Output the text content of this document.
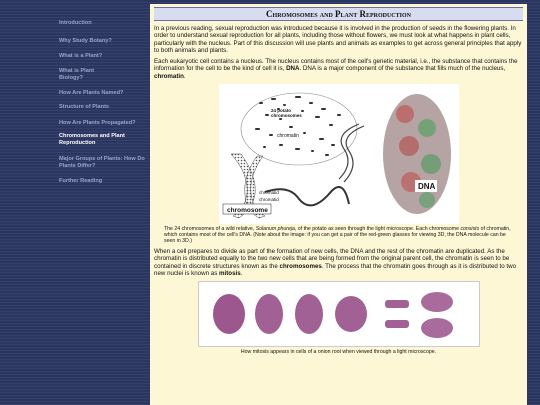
Introduction
Why Study Botany?
What is a Plant?
What is Plant
Biology?
How Are Plants Named?
Structure of Plants
How Are Plants Propagated?
Chromosomes and Plant
Reproduction
Major Groups of Plants: How Do
Plants Differ?
Further Reading
Chromosomes and Plant Reproduction

In a previous reading, sexual reproduction was introduced because it is involved in the production of seeds in the flowering plants. In order to understand sexual reproduction for all plants, including those without flowers, we must look at what happens in plant cells, particularly with the nucleus. Part of this discussion will use plants and animals as examples to get across general principles that apply to both animals and plants.

Each eukaryotic cell contains a nucleus. The nucleus contains most of the cell's genetic material, i.e., the substance that contains the information for the cell to be the kind of cell it is, DNA. DNA is a major component of the substance that fills much of the nucleus, chromatin.

DNA
24 potato chromosomes
chromatin
chromatid
chromatid
chromosome

The 24 chromosomes of a wild relative, Solanum phureja, of the potato as seen through the light microscope. Each chromosome consists of chromatin, which contains most of the cell's DNA. (Note about the image: if you can get a pair of the red-green glasses for viewing 3D, the DNA molecule can be seen in 3D.)

When a cell prepares to divide as part of the formation of new cells, the DNA and the rest of the chromatin are duplicated. As the chromatin is distributed equally to the two new cells that are being formed from the original parent cell, the chromatin is seen to be contained in discrete structures known as the chromosomes. The process that the chromatin goes through as it is distributed to two new nuclei is known as mitosis.

How mitosis appears in cells of a onion root when viewed through a light microscope.
